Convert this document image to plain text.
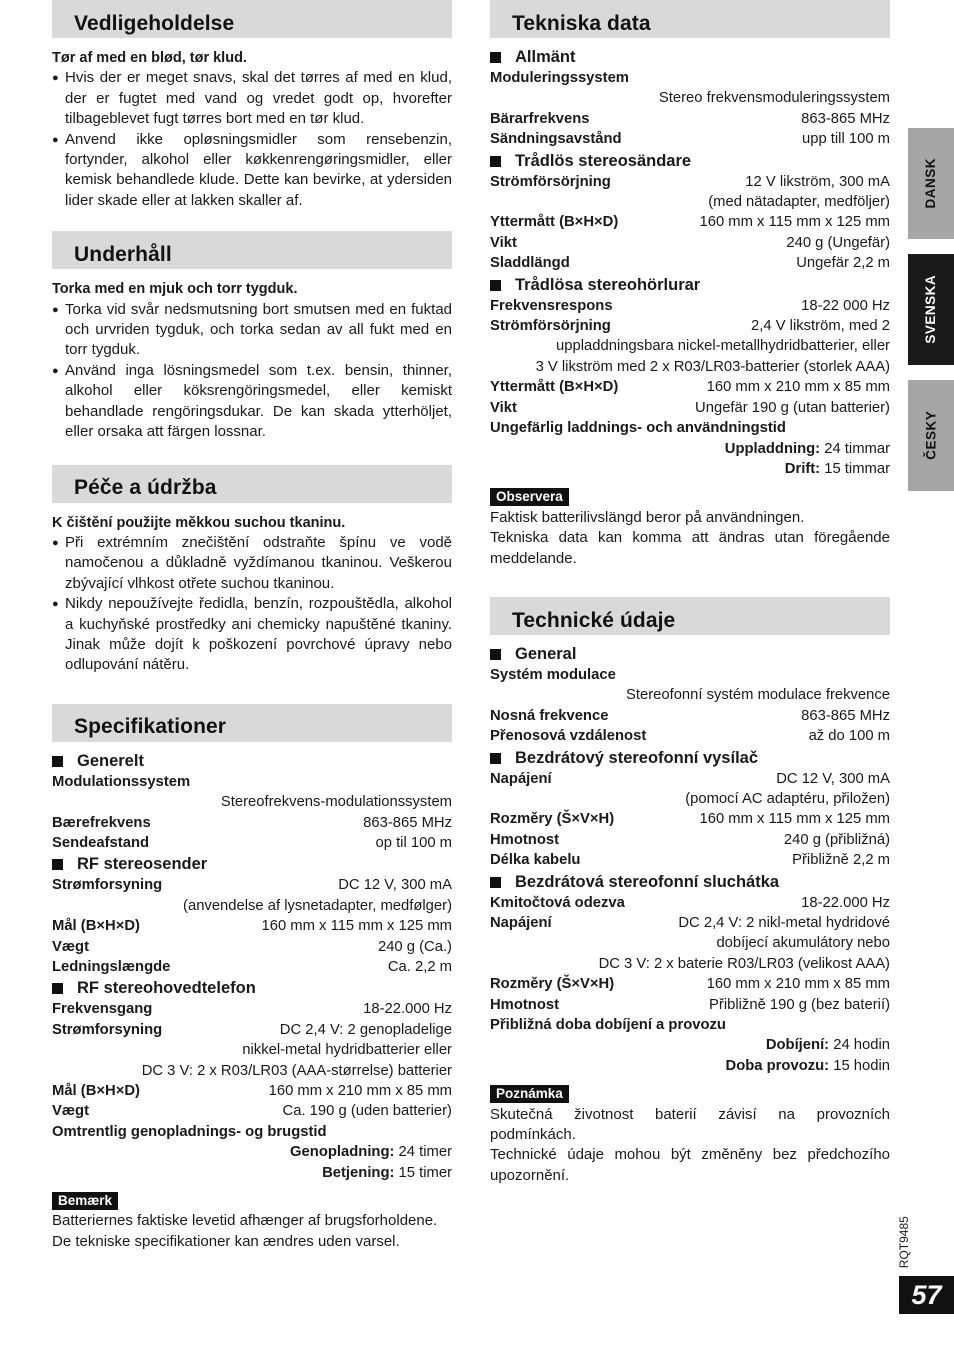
Vedligeholdelse
Tør af med en blød, tør klud.
● Hvis der er meget snavs, skal det tørres af med en klud, der er fugtet med vand og vredet godt op, hvorefter tilbageblevet fugt tørres bort med en tør klud.
● Anvend ikke opløsningsmidler som rensebenzin, fortynder, alkohol eller køkkenrengøringsmidler, eller kemisk behandlede klude. Dette kan bevirke, at ydersiden lider skade eller at lakken skaller af.
Underhåll
Torka med en mjuk och torr tygduk.
● Torka vid svår nedsmutsning bort smutsen med en fuktad och urvriden tygduk, och torka sedan av all fukt med en torr tygduk.
● Använd inga lösningsmedel som t.ex. bensin, thinner, alkohol eller köksrengöringsmedel, eller kemiskt behandlade rengöringsdukar. De kan skada ytterhöljet, eller orsaka att färgen lossnar.
Péče a údržba
K čištění použijte měkkou suchou tkaninu.
● Při extrémním znečištění odstraňte špínu ve vodě namočenou a důkladně vyždímanou tkaninou. Veškerou zbývající vlhkost otřete suchou tkaninou.
● Nikdy nepoužívejte ředidla, benzín, rozpouštědla, alkohol a kuchyňské prostředky ani chemicky napuštěné tkaniny. Jinak může dojít k poškození povrchové úpravy nebo odlupování nátěru.
Specifikationer
Generelt
Modulationssystem
Stereofrekvens-modulationssystem
Bærefrekvens	863-865 MHz
Sendeafstand	op til 100 m
RF stereosender
Strømforsyning	DC 12 V, 300 mA
(anvendelse af lysnetadapter, medfølger)
Mål (B×H×D)	160 mm x 115 mm x 125 mm
Vægt	240 g (Ca.)
Ledningslængde	Ca. 2,2 m
RF stereohovedtelefon
Frekvensgang	18-22.000 Hz
Strømforsyning	DC 2,4 V: 2 genopladelige
nikkel-metal hydridbatterier eller
DC 3 V: 2 x R03/LR03 (AAA-størrelse) batterier
Mål (B×H×D)	160 mm x 210 mm x 85 mm
Vægt	Ca. 190 g (uden batterier)
Omtrentlig genopladnings- og brugstid
Genopladning: 24 timer
Betjening: 15 timer
Bemærk

Batteriernes faktiske levetid afhænger af brugsforholdene.

De tekniske specifikationer kan ændres uden varsel.

Tekniska data
Allmänt
Moduleringssystem
Stereo frekvensmoduleringssystem
Bärarfrekvens	863-865 MHz
Sändningsavstånd	upp till 100 m
Trådlös stereosändare
Strömförsörjning	12 V likström, 300 mA
(med nätadapter, medföljer)
Yttermått (B×H×D)	160 mm x 115 mm x 125 mm
Vikt	240 g (Ungefär)
Sladdlängd	Ungefär 2,2 m
Trådlösa stereohörlurar
Frekvensrespons	18-22 000 Hz
Strömförsörjning	2,4 V likström, med 2
uppladdningsbara nickel-metallhydridbatterier, eller
3 V likström med 2 x R03/LR03-batterier (storlek AAA)
Yttermått (B×H×D)	160 mm x 210 mm x 85 mm
Vikt	Ungefär 190 g (utan batterier)
Ungefärlig laddnings- och användningstid
Uppladdning: 24 timmar
Drift: 15 timmar
Observera

Faktisk batterilivslängd beror på användningen.

Tekniska data kan komma att ändras utan föregående meddelande.

Technické údaje
General
Systém modulace
Stereofonní systém modulace frekvence
Nosná frekvence	863-865 MHz
Přenosová vzdálenost	až do 100 m
Bezdrátový stereofonní vysílač
Napájení	DC 12 V, 300 mA
(pomocí AC adaptéru, přiložen)
Rozměry (Š×V×H)	160 mm x 115 mm x 125 mm
Hmotnost	240 g (přibližná)
Délka kabelu	Přibližně 2,2 m
Bezdrátová stereofonní sluchátka
Kmitočtová odezva	18-22.000 Hz
Napájení	DC 2,4 V: 2 nikl-metal hydridové
dobíjecí akumulátory nebo
DC 3 V: 2 x baterie R03/LR03 (velikost AAA)
Rozměry (Š×V×H)	160 mm x 210 mm x 85 mm
Hmotnost	Přibližně 190 g (bez baterií)
Přibližná doba dobíjení a provozu
Dobíjení: 24 hodin
Doba provozu: 15 hodin
Poznámka

Skutečná životnost baterií závisí na provozních podmínkách.

Technické údaje mohou být změněny bez předchozího upozornění.

DANSK
SVENSKA
ČESKY
RQT9485
57
